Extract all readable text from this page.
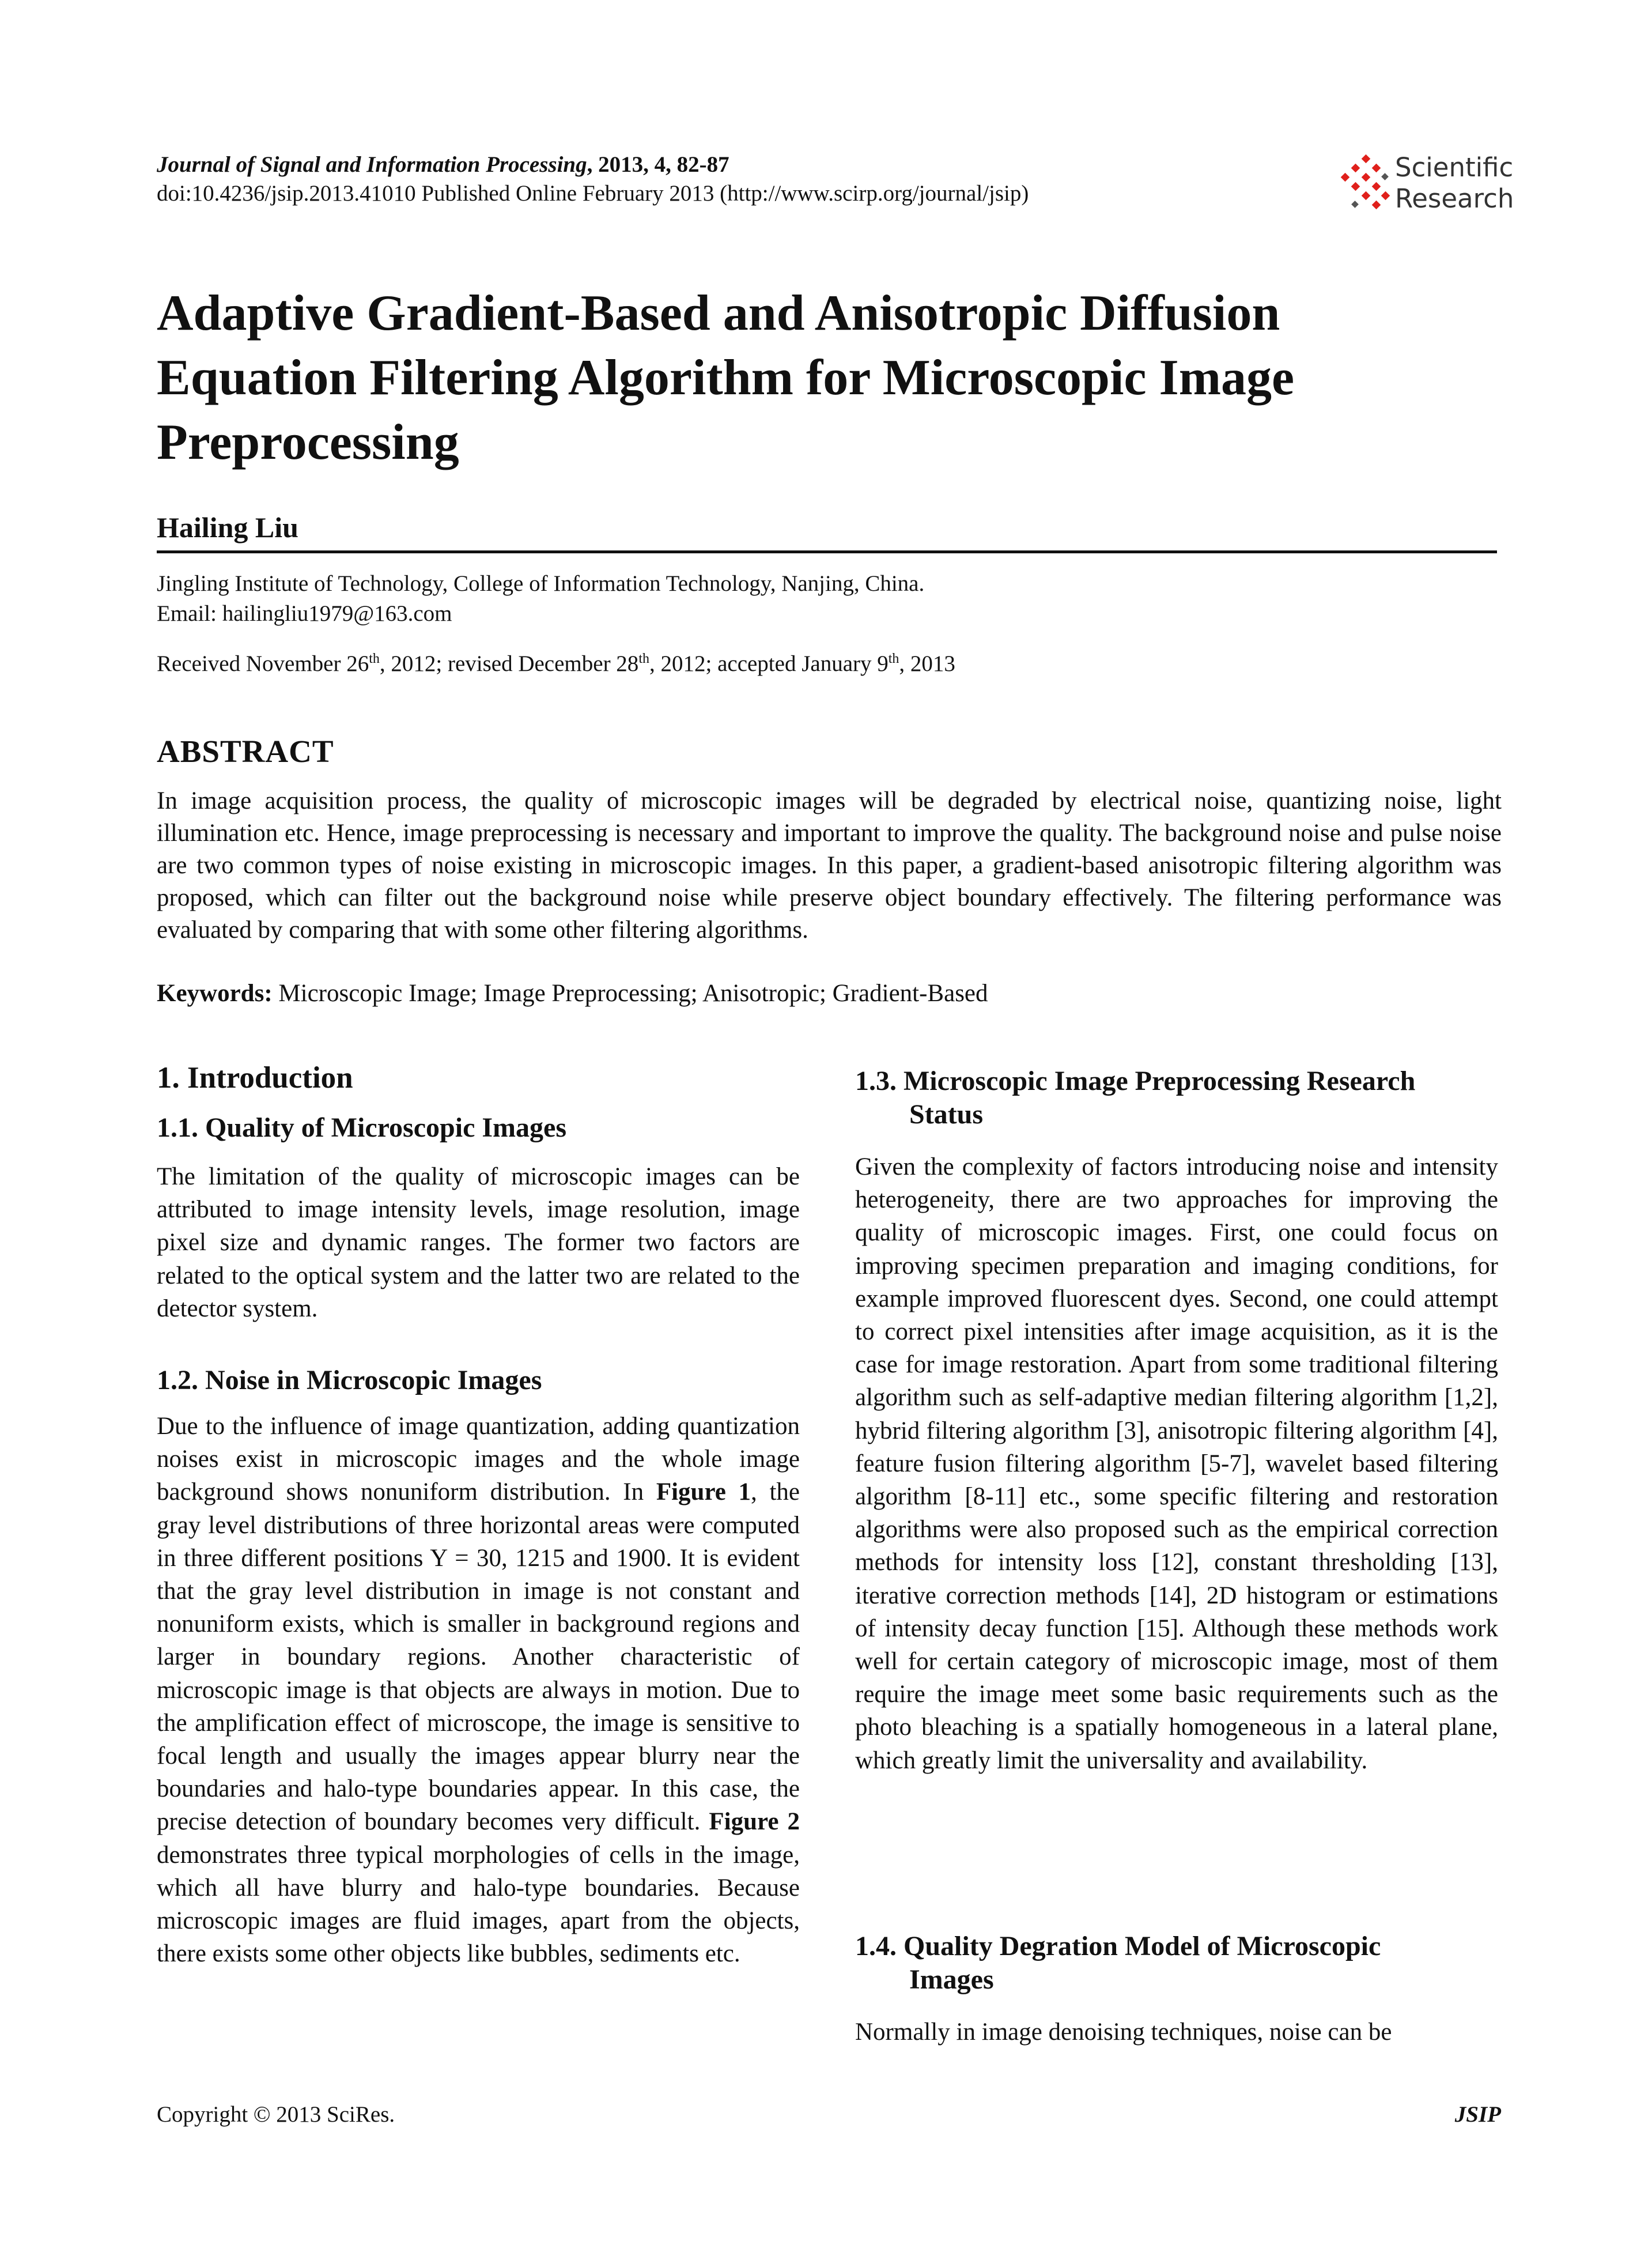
Journal of Signal and Information Processing, 2013, 4, 82-87
doi:10.4236/jsip.2013.41010 Published Online February 2013 (http://www.scirp.org/journal/jsip)
Scientific
Research
Adaptive Gradient-Based and Anisotropic Diffusion
Equation Filtering Algorithm for Microscopic Image
Preprocessing
Hailing Liu
Jingling Institute of Technology, College of Information Technology, Nanjing, China.
Email: hailingliu1979@163.com
Received November 26th, 2012; revised December 28th, 2012; accepted January 9th, 2013
ABSTRACT
In image acquisition process, the quality of microscopic images will be degraded by electrical noise, quantizing noise, light illumination etc. Hence, image preprocessing is necessary and important to improve the quality. The background noise and pulse noise are two common types of noise existing in microscopic images. In this paper, a gradient-based anisotropic filtering algorithm was proposed, which can filter out the background noise while preserve object boundary effectively. The filtering performance was evaluated by comparing that with some other filtering algorithms.
Keywords: Microscopic Image; Image Preprocessing; Anisotropic; Gradient-Based
1. Introduction
1.1. Quality of Microscopic Images

The limitation of the quality of microscopic images can be attributed to image intensity levels, image resolution, image pixel size and dynamic ranges. The former two factors are related to the optical system and the latter two are related to the detector system.

1.2. Noise in Microscopic Images

Due to the influence of image quantization, adding quantization noises exist in microscopic images and the whole image background shows nonuniform distribution. In Figure 1, the gray level distributions of three horizontal areas were computed in three different positions Y = 30, 1215 and 1900. It is evident that the gray level distribution in image is not constant and nonuniform exists, which is smaller in background regions and larger in boundary regions. Another characteristic of microscopic image is that objects are always in motion. Due to the amplification effect of microscope, the image is sensitive to focal length and usually the images appear blurry near the boundaries and halo-type boundaries appear. In this case, the precise detection of boundary becomes very difficult. Figure 2 demonstrates three typical morphologies of cells in the image, which all have blurry and halo-type boundaries. Because microscopic images are fluid images, apart from the objects, there exists some other objects like bubbles, sediments etc.

1.3. Microscopic Image Preprocessing Research
Status

Given the complexity of factors introducing noise and intensity heterogeneity, there are two approaches for improving the quality of microscopic images. First, one could focus on improving specimen preparation and imaging conditions, for example improved fluorescent dyes. Second, one could attempt to correct pixel intensities after image acquisition, as it is the case for image restoration. Apart from some traditional filtering algorithm such as self-adaptive median filtering algorithm [1,2], hybrid filtering algorithm [3], anisotropic filtering algorithm [4], feature fusion filtering algorithm [5-7], wavelet based filtering algorithm [8-11] etc., some specific filtering and restoration algorithms were also proposed such as the empirical correction methods for intensity loss [12], constant thresholding [13], iterative correction methods [14], 2D histogram or estimations of intensity decay function [15]. Although these methods work well for certain category of microscopic image, most of them require the image meet some basic requirements such as the photo bleaching is a spatially homogeneous in a lateral plane, which greatly limit the universality and availability.

1.4. Quality Degration Model of Microscopic
Images

Normally in image denoising techniques, noise can be

Copyright © 2013 SciRes.	JSIP
